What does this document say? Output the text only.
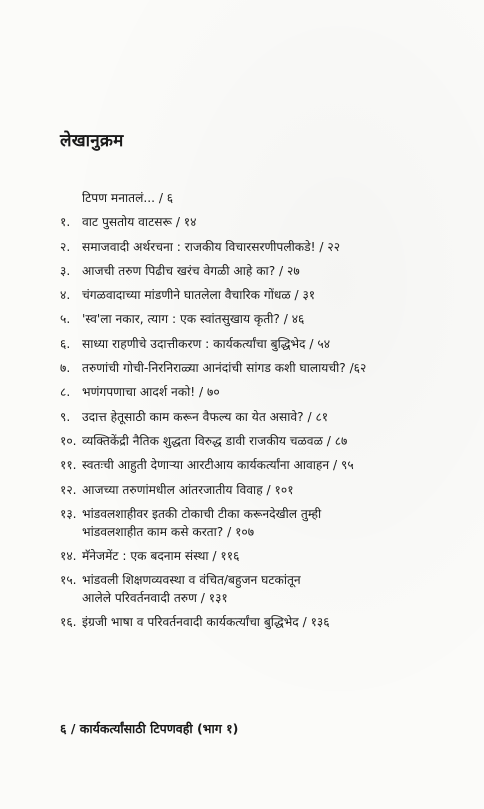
लेखानुक्रम
टिपण मनातलं... / ६
१. वाट पुसतोय वाटसरू / १४
२. समाजवादी अर्थरचना : राजकीय विचारसरणीपलीकडे! / २२
३. आजची तरुण पिढीच खरंच वेगळी आहे का? / २७
४. चंगळवादाच्या मांडणीने घातलेला वैचारिक गोंधळ / ३१
५. 'स्व'ला नकार, त्याग : एक स्वांतसुखाय कृती? / ४६
६. साध्या राहणीचे उदात्तीकरण : कार्यकर्त्यांचा बुद्धिभेद / ५४
७. तरुणांची गोची-निरनिराळ्या आनंदांची सांगड कशी घालायची? /६२
८. भणंगपणाचा आदर्श नको! / ७०
९. उदात्त हेतूसाठी काम करून वैफल्य का येत असावे? / ८१
१०. व्यक्तिकेंद्री नैतिक शुद्धता विरुद्ध डावी राजकीय चळवळ / ८७
११. स्वतःची आहुती देणाऱ्या आरटीआय कार्यकर्त्यांना आवाहन / ९५
१२. आजच्या तरुणांमधील आंतरजातीय विवाह / १०१
१३. भांडवलशाहीवर इतकी टोकाची टीका करूनदेखील तुम्ही
भांडवलशाहीत काम कसे करता? / १०७
१४. मॅनेजमेंट : एक बदनाम संस्था / ११६
१५. भांडवली शिक्षणव्यवस्था व वंचित/बहुजन घटकांतून
आलेले परिवर्तनवादी तरुण / १३१
१६. इंग्रजी भाषा व परिवर्तनवादी कार्यकर्त्यांचा बुद्धिभेद / १३६
६ / कार्यकर्त्यांसाठी टिपणवही (भाग १)
